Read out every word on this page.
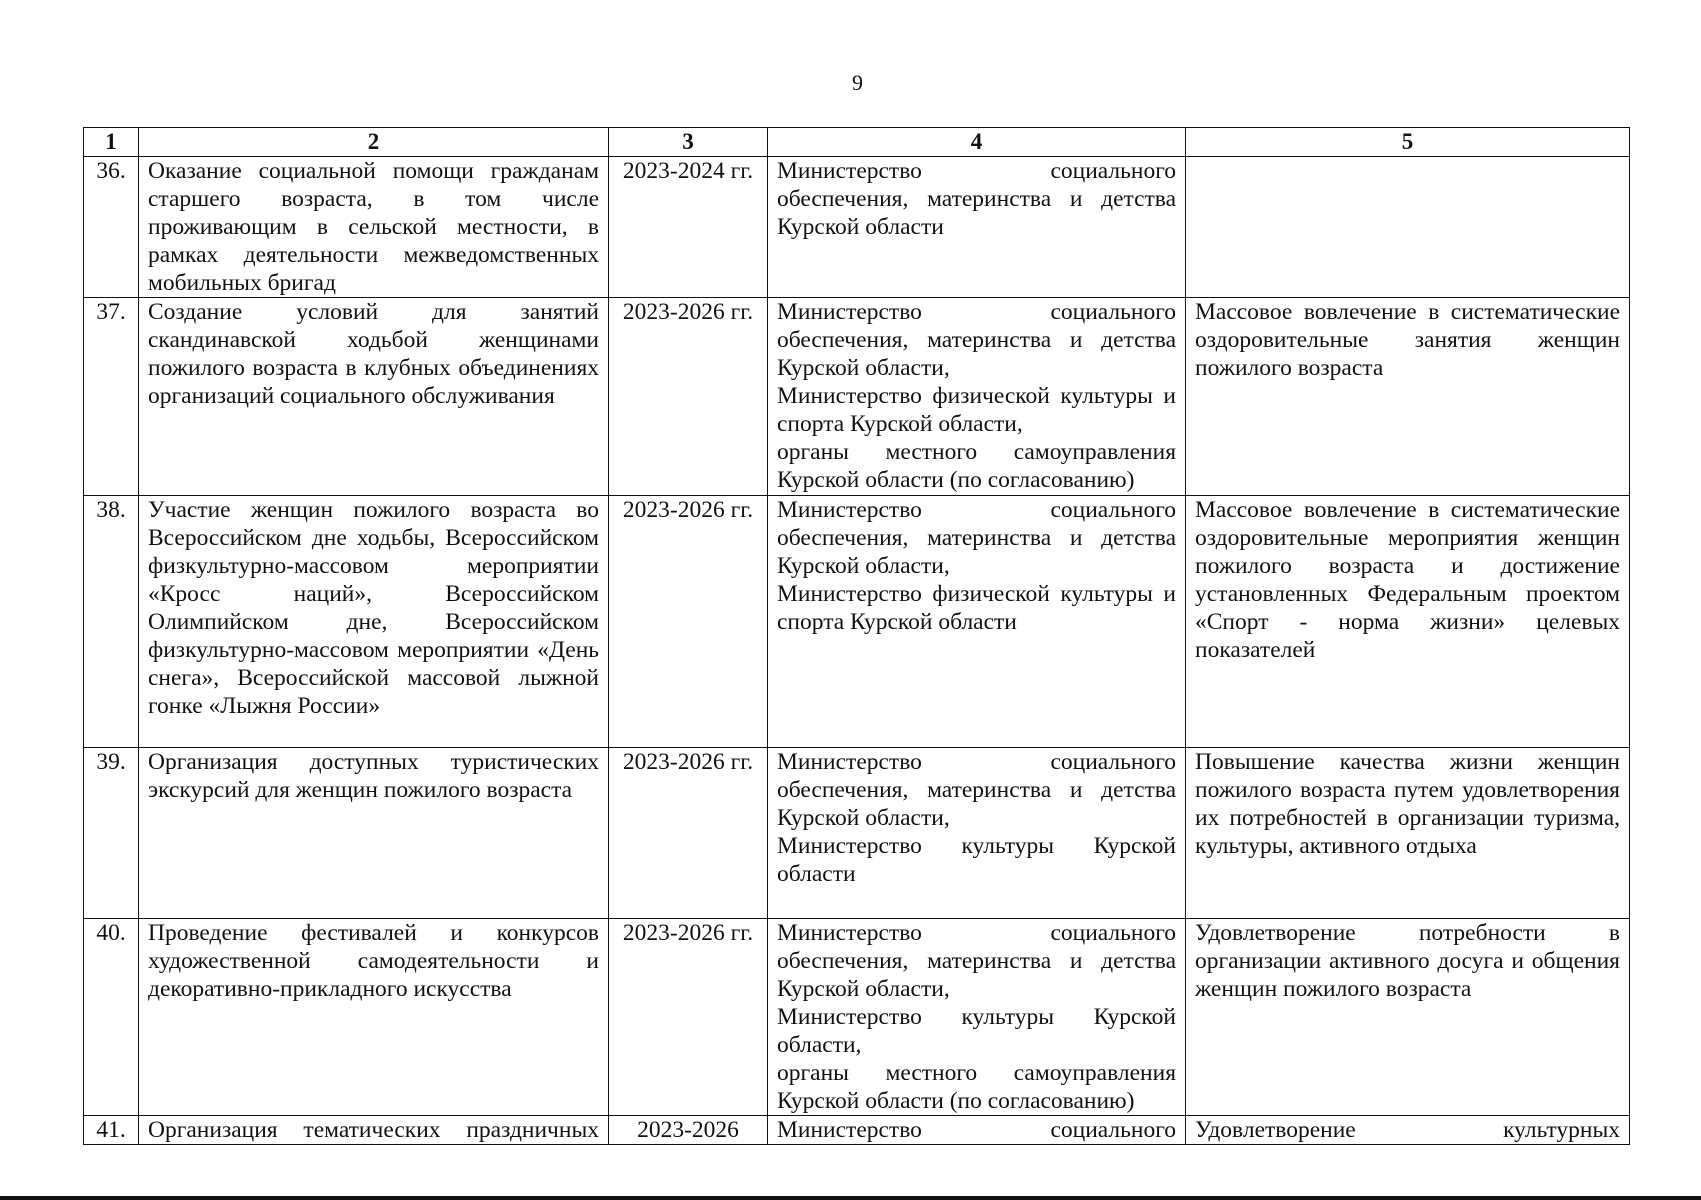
9
1	2	3	4	5
36.	Оказание социальной помощи гражданам старшего возраста, в том числе проживающим в сельской местности, в рамках деятельности межведомственных мобильных бригад	2023-2024 гг.	Министерство социального обеспечения, материнства и детства Курской области	

37.	Создание условий для занятий скандинавской ходьбой женщинами пожилого возраста в клубных объединениях организаций социального обслуживания	2023-2026 гг.	Министерство социального обеспечения, материнства и детства Курской области,
Министерство физической культуры и спорта Курской области,
органы местного самоуправления Курской области (по согласованию)	Массовое вовлечение в систематические оздоровительные занятия женщин пожилого возраста
38.	Участие женщин пожилого возраста во Всероссийском дне ходьбы, Всероссийском физкультурно-массовом мероприятии «Кросс наций», Всероссийском Олимпийском дне, Всероссийском физкультурно-массовом мероприятии «День снега», Всероссийской массовой лыжной гонке «Лыжня России»	2023-2026 гг.	Министерство социального обеспечения, материнства и детства Курской области,
Министерство физической культуры и спорта Курской области	Массовое вовлечение в систематические оздоровительные мероприятия женщин пожилого возраста и достижение установленных Федеральным проектом «Спорт - норма жизни» целевых показателей
39.	Организация доступных туристических экскурсий для женщин пожилого возраста	2023-2026 гг.	Министерство социального обеспечения, материнства и детства Курской области,
Министерство культуры Курской области	Повышение качества жизни женщин пожилого возраста путем удовлетворения их потребностей в организации туризма, культуры, активного отдыха
40.	Проведение фестивалей и конкурсов художественной самодеятельности и декоративно-прикладного искусства	2023-2026 гг.	Министерство социального обеспечения, материнства и детства Курской области,
Министерство культуры Курской области,
органы местного самоуправления Курской области (по согласованию)	Удовлетворение потребности в организации активного досуга и общения женщин пожилого возраста
41.	Организация тематических праздничных	2023-2026	Министерство социального	Удовлетворение культурных
